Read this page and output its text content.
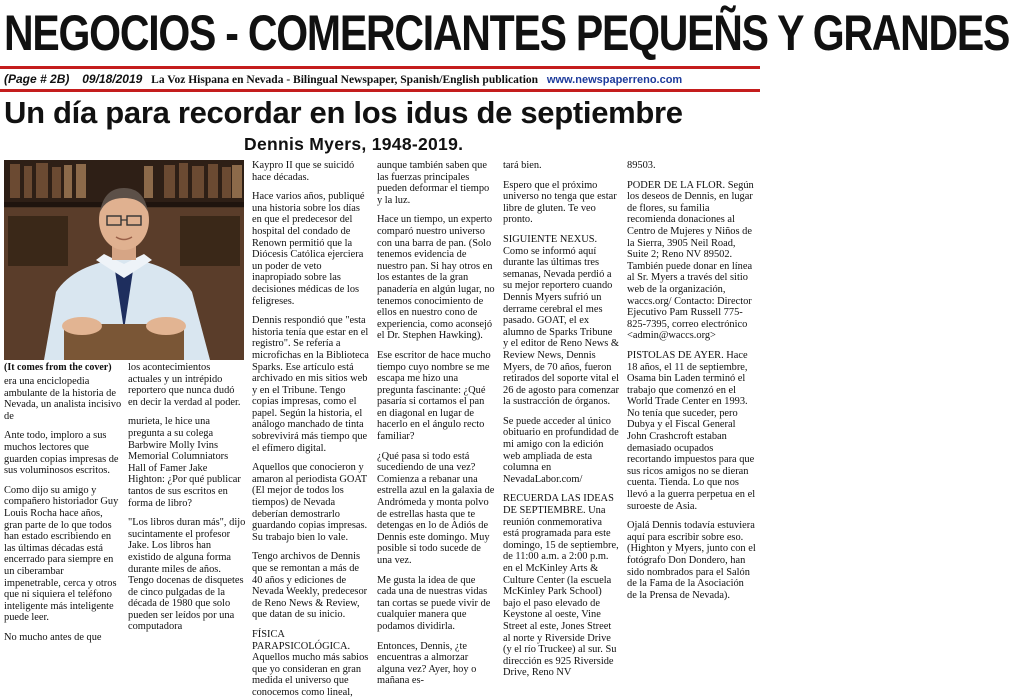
NEGOCIOS - COMERCIANTES PEQUEÑS Y GRANDES
(Page # 2B) 09/18/2019 La Voz Hispana en Nevada - Bilingual Newspaper, Spanish/English publication www.newspaperreno.com
Un día para recordar en los idus de septiembre
Dennis Myers, 1948-2019.
(It comes from the cover)

era una enciclopedia ambulante de la historia de Nevada, un analista incisivo de

Ante todo, imploro a sus muchos lectores que guarden copias impresas de sus voluminosos escritos.

Como dijo su amigo y compañero historiador Guy Louis Rocha hace años, gran parte de lo que todos han estado escribiendo en las últimas décadas está encerrado para siempre en un ciberambar impenetrable, cerca y otros que ni siquiera el teléfono inteligente más inteligente puede leer.

No mucho antes de que

los acontecimientos actuales y un intrépido reportero que nunca dudó en decir la verdad al poder.

murieta, le hice una pregunta a su colega Barbwire Molly Ivins Memorial Columniators Hall of Famer Jake Highton: ¿Por qué publicar tantos de sus escritos en forma de libro?

"Los libros duran más", dijo sucintamente el profesor Jake. Los libros han existido de alguna forma durante miles de años. Tengo docenas de disquetes de cinco pulgadas de la década de 1980 que solo pueden ser leídos por una computadora

Kaypro II que se suicidó hace décadas.

Hace varios años, publiqué una historia sobre los días en que el predecesor del hospital del condado de Renown permitió que la Diócesis Católica ejerciera un poder de veto inapropiado sobre las decisiones médicas de los feligreses.

Dennis respondió que "esta historia tenía que estar en el registro". Se refería a microfichas en la Biblioteca Sparks. Ese artículo está archivado en mis sitios web y en el Tribune. Tengo copias impresas, como el papel. Según la historia, el análogo manchado de tinta sobrevivirá más tiempo que el efímero digital.

Aquellos que conocieron y amaron al periodista GOAT (El mejor de todos los tiempos) de Nevada deberían demostrarlo guardando copias impresas. Su trabajo bien lo vale.

Tengo archivos de Dennis que se remontan a más de 40 años y ediciones de Nevada Weekly, predecesor de Reno News & Review, que datan de su inicio.

FÍSICA PARAPSICOLÓGICA. Aquellos mucho más sabios que yo consideran en gran medida el universo que conocemos como lineal,

aunque también saben que las fuerzas principales pueden deformar el tiempo y la luz.

Hace un tiempo, un experto comparó nuestro universo con una barra de pan. (Solo tenemos evidencia de nuestro pan. Si hay otros en los estantes de la gran panadería en algún lugar, no tenemos conocimiento de ellos en nuestro cono de experiencia, como aconsejó el Dr. Stephen Hawking).

Ese escritor de hace mucho tiempo cuyo nombre se me escapa me hizo una pregunta fascinante: ¿Qué pasaría si cortamos el pan en diagonal en lugar de hacerlo en el ángulo recto familiar?

¿Qué pasa si todo está sucediendo de una vez? Comienza a rebanar una estrella azul en la galaxia de Andrómeda y monta polvo de estrellas hasta que te detengas en lo de Adiós de Dennis este domingo. Muy posible si todo sucede de una vez.

Me gusta la idea de que cada una de nuestras vidas tan cortas se puede vivir de cualquier manera que podamos dividirla.

Entonces, Dennis, ¿te encuentras a almorzar alguna vez? Ayer, hoy o mañana es-

tará bien.

Espero que el próximo universo no tenga que estar libre de gluten. Te veo pronto.

SIGUIENTE NEXUS. Como se informó aquí durante las últimas tres semanas, Nevada perdió a su mejor reportero cuando Dennis Myers sufrió un derrame cerebral el mes pasado. GOAT, el ex alumno de Sparks Tribune y el editor de Reno News & Review News, Dennis Myers, de 70 años, fueron retirados del soporte vital el 26 de agosto para comenzar la sustracción de órganos.

Se puede acceder al único obituario en profundidad de mi amigo con la edición web ampliada de esta columna en NevadaLabor.com/

RECUERDA LAS IDEAS DE SEPTIEMBRE. Una reunión conmemorativa está programada para este domingo, 15 de septiembre, de 11:00 a.m. a 2:00 p.m. en el McKinley Arts & Culture Center (la escuela McKinley Park School) bajo el paso elevado de Keystone al oeste, Vine Street al este, Jones Street al norte y Riverside Drive (y el río Truckee) al sur. Su dirección es 925 Riverside Drive, Reno NV

89503.

PODER DE LA FLOR. Según los deseos de Dennis, en lugar de flores, su familia recomienda donaciones al Centro de Mujeres y Niños de la Sierra, 3905 Neil Road, Suite 2; Reno NV 89502. También puede donar en línea al Sr. Myers a través del sitio web de la organización, waccs.org/ Contacto: Director Ejecutivo Pam Russell 775-825-7395, correo electrónico <admin@waccs.org>

PISTOLAS DE AYER. Hace 18 años, el 11 de septiembre, Osama bin Laden terminó el trabajo que comenzó en el World Trade Center en 1993. No tenía que suceder, pero Dubya y el Fiscal General John Crashcroft estaban demasiado ocupados recortando impuestos para que sus ricos amigos no se dieran cuenta. Tienda. Lo que nos llevó a la guerra perpetua en el suroeste de Asia.

Ojalá Dennis todavía estuviera aquí para escribir sobre eso. (Highton y Myers, junto con el fotógrafo Don Dondero, han sido nombrados para el Salón de la Fama de la Asociación de la Prensa de Nevada).
